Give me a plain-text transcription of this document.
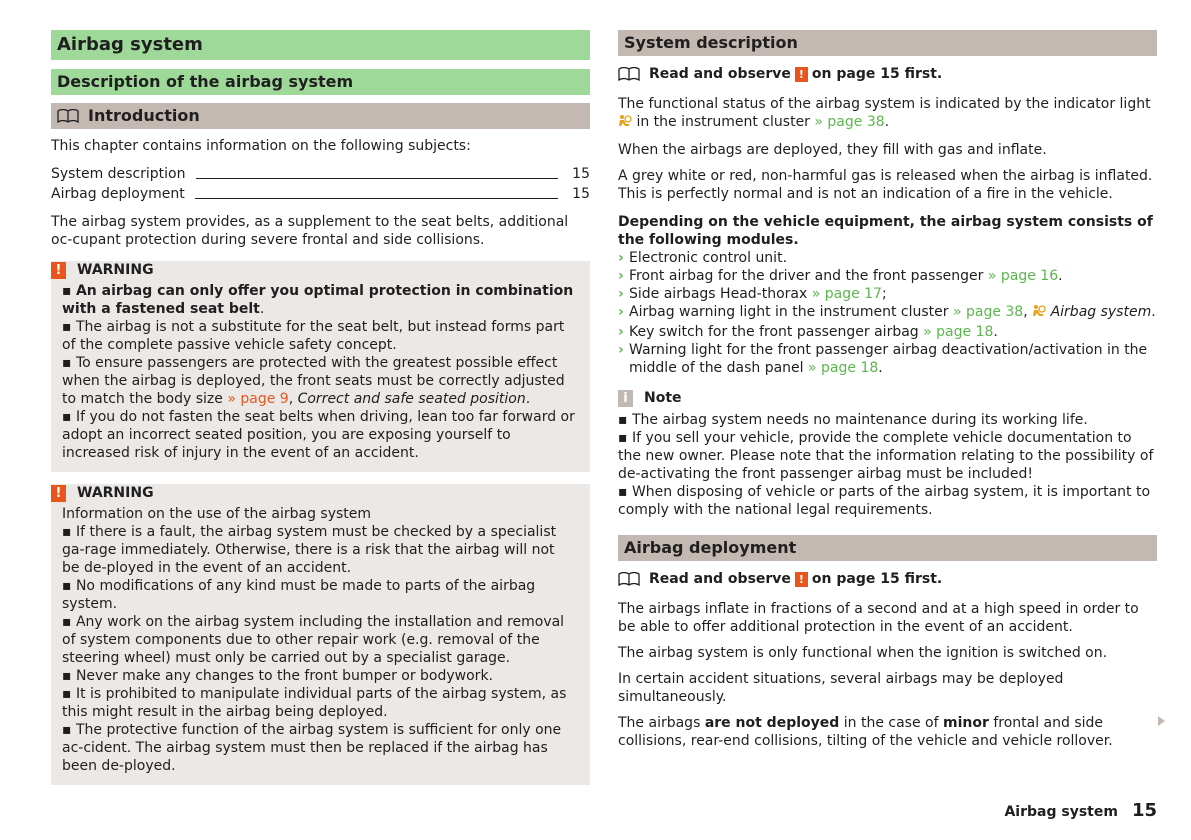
Airbag system
Description of the airbag system
Introduction

This chapter contains information on the following subjects:

System description	15
Airbag deployment	15

The airbag system provides, as a supplement to the seat belts, additional oc-cupant protection during severe frontal and side collisions.

!	WARNING

▪ An airbag can only offer you optimal protection in combination with a fastened seat belt.

▪ The airbag is not a substitute for the seat belt, but instead forms part of the complete passive vehicle safety concept.

▪ To ensure passengers are protected with the greatest possible effect when the airbag is deployed, the front seats must be correctly adjusted to match the body size » page 9, Correct and safe seated position.

▪ If you do not fasten the seat belts when driving, lean too far forward or adopt an incorrect seated position, you are exposing yourself to increased risk of injury in the event of an accident.

!	WARNING

Information on the use of the airbag system

▪ If there is a fault, the airbag system must be checked by a specialist ga-rage immediately. Otherwise, there is a risk that the airbag will not be de-ployed in the event of an accident.

▪ No modifications of any kind must be made to parts of the airbag system.

▪ Any work on the airbag system including the installation and removal of system components due to other repair work (e.g. removal of the steering wheel) must only be carried out by a specialist garage.

▪ Never make any changes to the front bumper or bodywork.

▪ It is prohibited to manipulate individual parts of the airbag system, as this might result in the airbag being deployed.

▪ The protective function of the airbag system is sufficient for only one ac-cident. The airbag system must then be replaced if the airbag has been de-ployed.

System description
Read and observe ! on page 15 first.

The functional status of the airbag system is indicated by the indicator light  in the instrument cluster » page 38.

When the airbags are deployed, they fill with gas and inflate.

A grey white or red, non-harmful gas is released when the airbag is inflated. This is perfectly normal and is not an indication of a fire in the vehicle.

Depending on the vehicle equipment, the airbag system consists of the following modules.

› Electronic control unit.
› Front airbag for the driver and the front passenger » page 16.
› Side airbags Head-thorax » page 17;
› Airbag warning light in the instrument cluster » page 38,  Airbag system.
› Key switch for the front passenger airbag » page 18.
› Warning light for the front passenger airbag deactivation/activation in the middle of the dash panel » page 18.
i	Note

▪ The airbag system needs no maintenance during its working life.

▪ If you sell your vehicle, provide the complete vehicle documentation to the new owner. Please note that the information relating to the possibility of de-activating the front passenger airbag must be included!

▪ When disposing of vehicle or parts of the airbag system, it is important to comply with the national legal requirements.

Airbag deployment
Read and observe ! on page 15 first.

The airbags inflate in fractions of a second and at a high speed in order to be able to offer additional protection in the event of an accident.

The airbag system is only functional when the ignition is switched on.

In certain accident situations, several airbags may be deployed simultaneously.

The airbags are not deployed in the case of minor frontal and side collisions, rear-end collisions, tilting of the vehicle and vehicle rollover.

Airbag system 15
